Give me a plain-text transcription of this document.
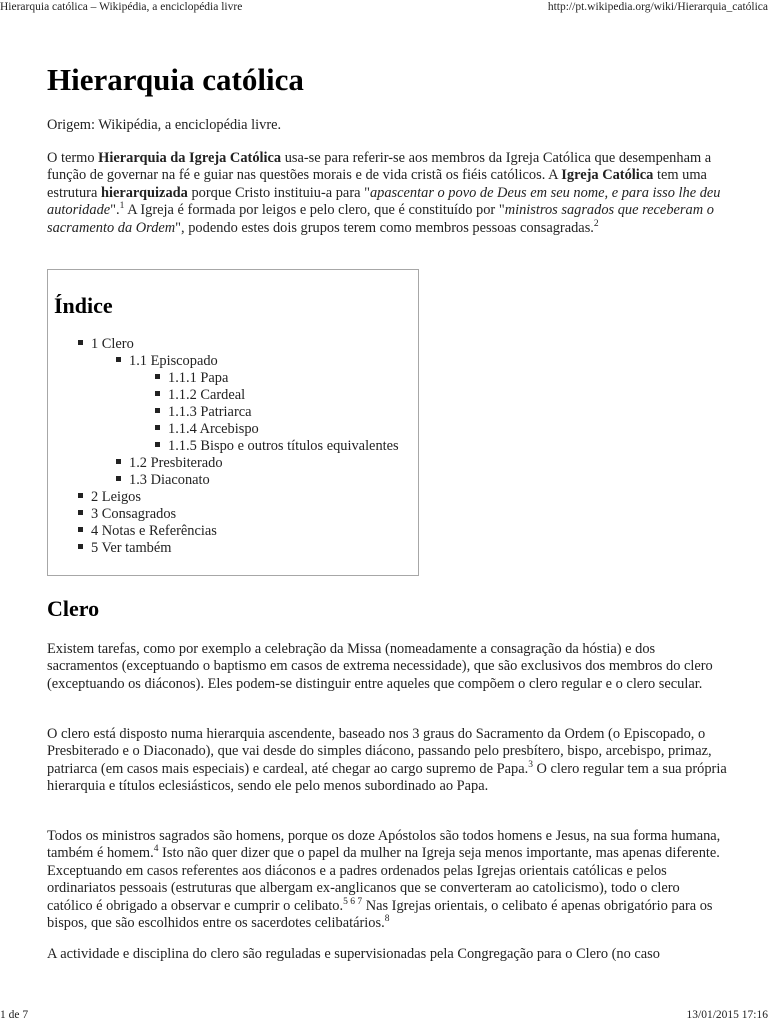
Hierarquia católica – Wikipédia, a enciclopédia livre	http://pt.wikipedia.org/wiki/Hierarquia_católica
Hierarquia católica

Origem: Wikipédia, a enciclopédia livre.

O termo Hierarquia da Igreja Católica usa-se para referir-se aos membros da Igreja Católica que desempenham a função de governar na fé e guiar nas questões morais e de vida cristã os fiéis católicos. A Igreja Católica tem uma estrutura hierarquizada porque Cristo instituiu-a para "apascentar o povo de Deus em seu nome, e para isso lhe deu autoridade".$^1$ A Igreja é formada por leigos e pelo clero, que é constituído por "ministros sagrados que receberam o sacramento da Ordem", podendo estes dois grupos terem como membros pessoas consagradas.$^2$

Índice
1 Clero
1.1 Episcopado
1.1.1 Papa
1.1.2 Cardeal
1.1.3 Patriarca
1.1.4 Arcebispo
1.1.5 Bispo e outros títulos equivalentes
1.2 Presbiterado
1.3 Diaconato
2 Leigos
3 Consagrados
4 Notas e Referências
5 Ver também
Clero

Existem tarefas, como por exemplo a celebração da Missa (nomeadamente a consagração da hóstia) e dos sacramentos (exceptuando o baptismo em casos de extrema necessidade), que são exclusivos dos membros do clero (exceptuando os diáconos). Eles podem-se distinguir entre aqueles que compõem o clero regular e o clero secular.

O clero está disposto numa hierarquia ascendente, baseado nos 3 graus do Sacramento da Ordem (o Episcopado, o Presbiterado e o Diaconado), que vai desde do simples diácono, passando pelo presbítero, bispo, arcebispo, primaz, patriarca (em casos mais especiais) e cardeal, até chegar ao cargo supremo de Papa.$^3$ O clero regular tem a sua própria hierarquia e títulos eclesiásticos, sendo ele pelo menos subordinado ao Papa.

Todos os ministros sagrados são homens, porque os doze Apóstolos são todos homens e Jesus, na sua forma humana, também é homem.$^4$ Isto não quer dizer que o papel da mulher na Igreja seja menos importante, mas apenas diferente. Exceptuando em casos referentes aos diáconos e a padres ordenados pelas Igrejas orientais católicas e pelos ordinariatos pessoais (estruturas que albergam ex-anglicanos que se converteram ao catolicismo), todo o clero católico é obrigado a observar e cumprir o celibato.$^5$ $^6$ $^7$ Nas Igrejas orientais, o celibato é apenas obrigatório para os bispos, que são escolhidos entre os sacerdotes celibatários.$^8$

A actividade e disciplina do clero são reguladas e supervisionadas pela Congregação para o Clero (no caso

1 de 7	13/01/2015 17:16
